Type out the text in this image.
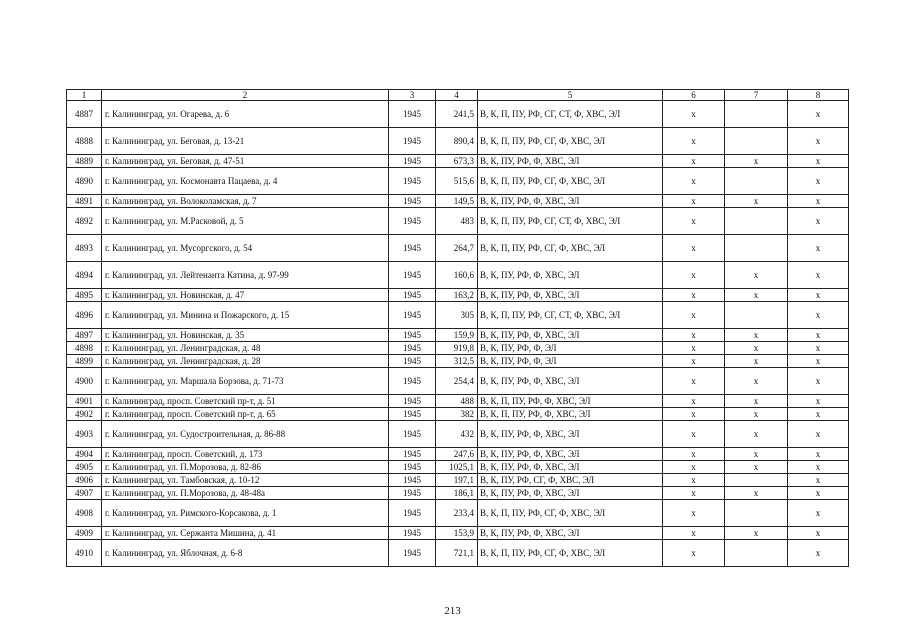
1	2	3	4	5	6	7	8
4887	г. Калининград, ул. Огарева, д. 6	1945	241,5	В, К, П, ПУ, РФ, СГ, СТ, Ф, ХВС, ЭЛ	х		х
4888	г. Калининград, ул. Беговая, д. 13-21	1945	890,4	В, К, П, ПУ, РФ, СГ, Ф, ХВС, ЭЛ	х		х
4889	г. Калининград, ул. Беговая, д. 47-51	1945	673,3	В, К, ПУ, РФ, Ф, ХВС, ЭЛ	х	х	х
4890	г. Калининград, ул. Космонавта Пацаева, д. 4	1945	515,6	В, К, П, ПУ, РФ, СГ, Ф, ХВС, ЭЛ	х		х
4891	г. Калининград, ул. Волоколамская, д. 7	1945	149,5	В, К, ПУ, РФ, Ф, ХВС, ЭЛ	х	х	х
4892	г. Калининград, ул. М.Расковой, д. 5	1945	483	В, К, П, ПУ, РФ, СГ, СТ, Ф, ХВС, ЭЛ	х		х
4893	г. Калининград, ул. Мусоргского, д. 54	1945	264,7	В, К, П, ПУ, РФ, СГ, Ф, ХВС, ЭЛ	х		х
4894	г. Калининград, ул. Лейтенанта Катина, д. 97-99	1945	160,6	В, К, ПУ, РФ, Ф, ХВС, ЭЛ	х	х	х
4895	г. Калининград, ул. Новинская, д. 47	1945	163,2	В, К, ПУ, РФ, Ф, ХВС, ЭЛ	х	х	х
4896	г. Калининград, ул. Минина и Пожарского, д. 15	1945	305	В, К, П, ПУ, РФ, СГ, СТ, Ф, ХВС, ЭЛ	х		х
4897	г. Калининград, ул. Новинская, д. 35	1945	159,9	В, К, ПУ, РФ, Ф, ХВС, ЭЛ	х	х	х
4898	г. Калининград, ул. Ленинградская, д. 48	1945	919,8	В, К, ПУ, РФ, Ф, ЭЛ	х	х	х
4899	г. Калининград, ул. Ленинградская, д. 28	1945	312,5	В, К, ПУ, РФ, Ф, ЭЛ	х	х	х
4900	г. Калининград, ул. Маршала Борзова, д. 71-73	1945	254,4	В, К, ПУ, РФ, Ф, ХВС, ЭЛ	х	х	х
4901	г. Калининград, просп. Советский пр-т, д. 51	1945	488	В, К, П, ПУ, РФ, Ф, ХВС, ЭЛ	х	х	х
4902	г. Калининград, просп. Советский пр-т, д. 65	1945	382	В, К, П, ПУ, РФ, Ф, ХВС, ЭЛ	х	х	х
4903	г. Калининград, ул. Судостроительная, д. 86-88	1945	432	В, К, ПУ, РФ, Ф, ХВС, ЭЛ	х	х	х
4904	г. Калининград, просп. Советский, д. 173	1945	247,6	В, К, ПУ, РФ, Ф, ХВС, ЭЛ	х	х	х
4905	г. Калининград, ул. П.Морозова, д. 82-86	1945	1025,1	В, К, ПУ, РФ, Ф, ХВС, ЭЛ	х	х	х
4906	г. Калининград, ул. Тамбовская, д. 10-12	1945	197,1	В, К, ПУ, РФ, СГ, Ф, ХВС, ЭЛ	х		х
4907	г. Калининград, ул. П.Морозова, д. 48-48а	1945	186,1	В, К, ПУ, РФ, Ф, ХВС, ЭЛ	х	х	х
4908	г. Калининград, ул. Римского-Корсакова, д. 1	1945	233,4	В, К, П, ПУ, РФ, СГ, Ф, ХВС, ЭЛ	х		х
4909	г. Калининград, ул. Сержанта Мишина, д. 41	1945	153,9	В, К, ПУ, РФ, Ф, ХВС, ЭЛ	х	х	х
4910	г. Калининград, ул. Яблочная, д. 6-8	1945	721,1	В, К, П, ПУ, РФ, СГ, Ф, ХВС, ЭЛ	х		х
213
